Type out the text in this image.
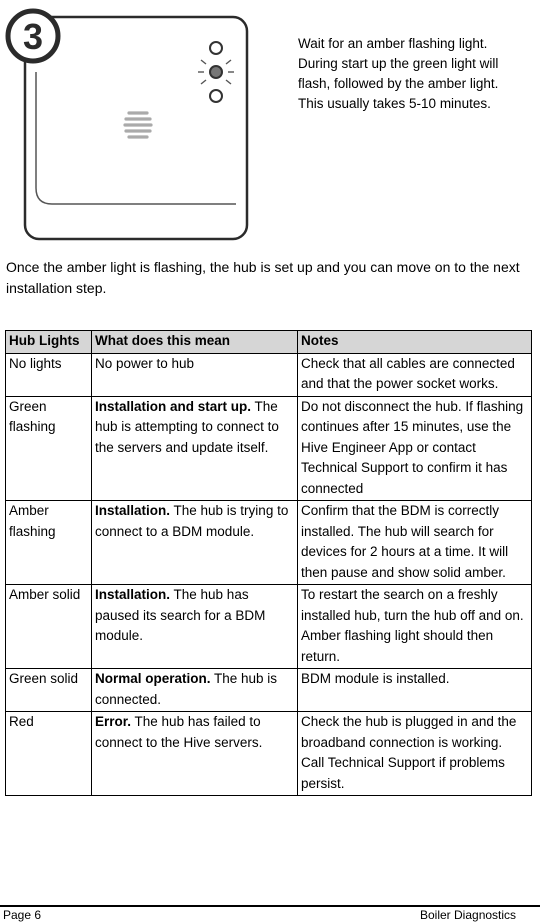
3	Wait for an amber flashing light. During start up the green light will flash, followed by the amber light. This usually takes 5-10 minutes.
Once the amber light is flashing, the hub is set up and you can move on to the next installation step.
Hub Lights	What does this mean	Notes
No lights	No power to hub	Check that all cables are connected and that the power socket works.
Green flashing	Installation and start up. The hub is attempting to connect to the servers and update itself.	Do not disconnect the hub. If flashing continues after 15 minutes, use the Hive Engineer App or contact Technical Support to confirm it has connected
Amber flashing	Installation. The hub is trying to connect to a BDM module.	Confirm that the BDM is correctly installed. The hub will search for devices for 2 hours at a time. It will then pause and show solid amber.
Amber solid	Installation. The hub has paused its search for a BDM module.	To restart the search on a freshly installed hub, turn the hub off and on. Amber flashing light should then return.
Green solid	Normal operation. The hub is connected.	BDM module is installed.
Red	Error. The hub has failed to connect to the Hive servers.	Check the hub is plugged in and the broadband connection is working. Call Technical Support if problems persist.
Page 6	Boiler Diagnostics
